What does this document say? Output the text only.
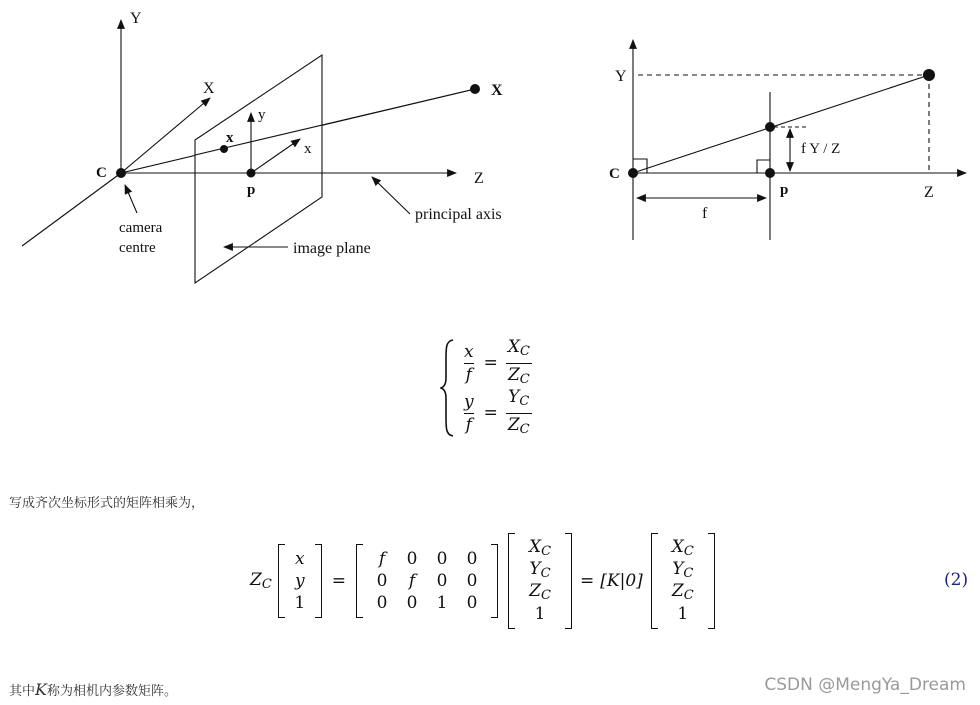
Y
X	X
Z
C
x
y
x
p
camera
centre	image plane
principal axis
Y
C
p
f
f Y / Z
Z
$\frac{x}{f} = \frac{X_C}{Z_C}$
$\frac{y}{f} = \frac{Y_C}{Z_C}$
写成齐次坐标形式的矩阵相乘为，
$Z_C$
x
y
1
=
f 0 0 0
0 f 0 0
0 0 1 0
$X_C$
$Y_C$
$Z_C$
1
= [K|0]
$X_C$
$Y_C$
$Z_C$
1
(2)
其中K称为相机内参数矩阵。	CSDN @MengYa_Dream
